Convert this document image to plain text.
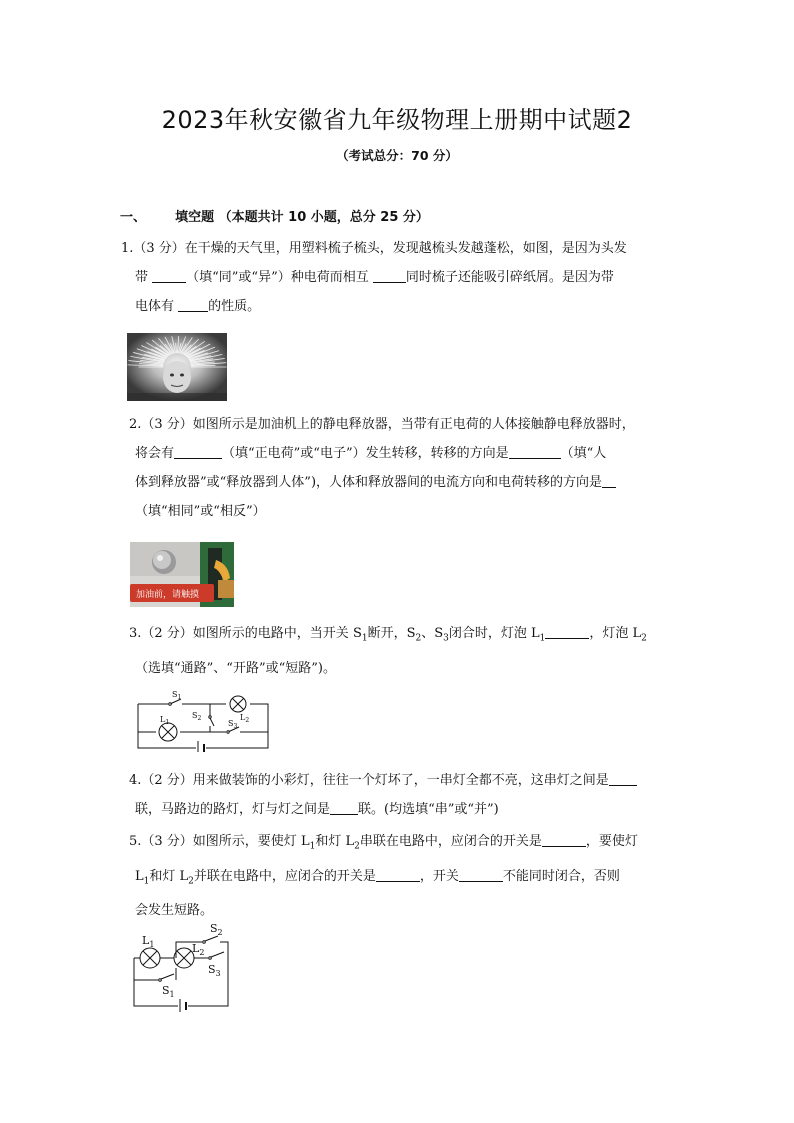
2023年秋安徽省九年级物理上册期中试题2
（考试总分：70 分）
一、 填空题 （本题共计 10 小题，总分 25 分）
1.（3 分）在干燥的天气里，用塑料梳子梳头，发现越梳头发越蓬松，如图，是因为头发
带	（填“同”或“异”）种电荷而相互	同时梳子还能吸引碎纸屑。是因为带
电体有 的性质。
2.（3 分）如图所示是加油机上的静电释放器，当带有正电荷的人体接触静电释放器时，
将会有	（填“正电荷”或“电子”）发生转移，转移的方向是	（填“人
体到释放器”或“释放器到人体”)，人体和释放器间的电流方向和电荷转移的方向是
（填“相同”或“相反”）
加油前，请触摸
3.（2 分）如图所示的电路中，当开关 $S_1$断开，$S_2$、$S_3$闭合时，灯泡 $L_1$	，灯泡 $L_2$
（选填“通路”、“开路”或“短路”)。
$S_1$
$S_2$
$S_3$
$L_1$
$L_2$
4.（2 分）用来做装饰的小彩灯，往往一个灯坏了，一串灯全都不亮，这串灯之间是
联，马路边的路灯，灯与灯之间是 联。(均选填“串”或“并”)
5.（3 分）如图所示，要使灯 $L_1$和灯 $L_2$串联在电路中，应闭合的开关是	，要使灯
$L_1$和灯 $L_2$并联在电路中，应闭合的开关是	，开关	不能同时闭合，否则
会发生短路。
$L_1$	$L_2$
$S_2$
$S_3$
$S_1$
